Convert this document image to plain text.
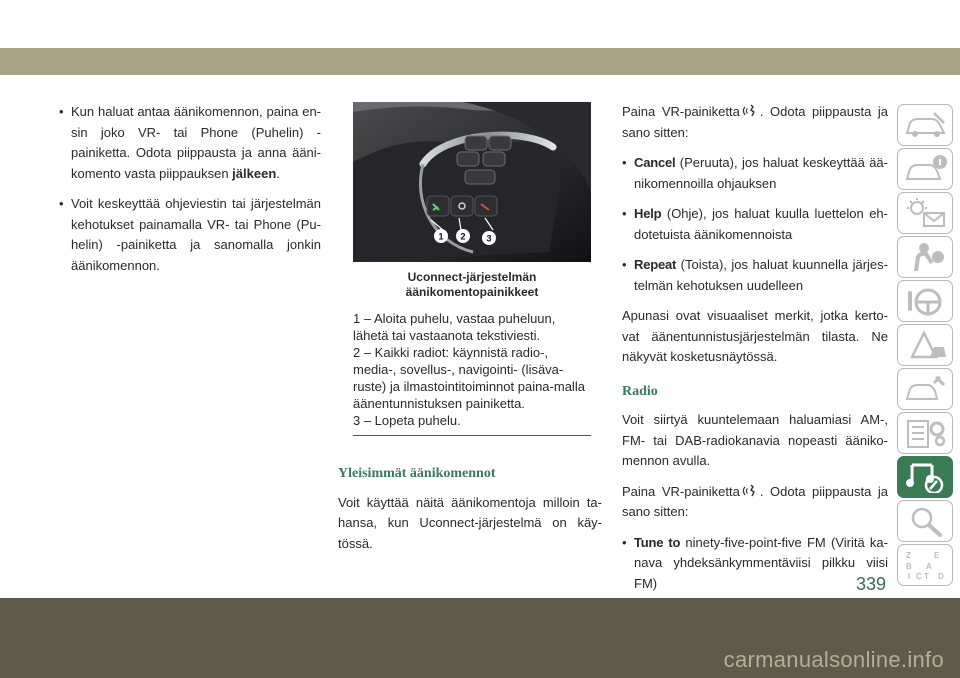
• Kun haluat antaa äänikomennon, paina en-sin joko VR- tai Phone (Puhelin) -painiketta. Odota piippausta ja anna ääni-komento vasta piippauksen jälkeen.
• Voit keskeyttää ohjeviestin tai järjestelmän kehotukset painamalla VR- tai Phone (Pu-helin) -painiketta ja sanomalla jonkin äänikomennon.
1 2 3
Uconnect-järjestelmän äänikomentopainikkeet
1 – Aloita puhelu, vastaa puheluun, lähetä tai vastaanota tekstiviesti.
2 – Kaikki radiot: käynnistä radio-, media-, sovellus-, navigointi- (lisäva-ruste) ja ilmastointitoiminnot paina-malla äänentunnistuksen painiketta.
3 – Lopeta puhelu.
Yleisimmät äänikomennot

Voit käyttää näitä äänikomentoja milloin ta-hansa, kun Uconnect-järjestelmä on käy-tössä.

Paina VR-painiketta . Odota piippausta ja sano sitten:

• Cancel (Peruuta), jos haluat keskeyttää ää-nikomennoilla ohjauksen
• Help (Ohje), jos haluat kuulla luettelon eh-dotetuista äänikomennoista
• Repeat (Toista), jos haluat kuunnella järjes-telmän kehotuksen uudelleen

Apunasi ovat visuaaliset merkit, jotka kerto-vat äänentunnistusjärjestelmän tilasta. Ne näkyvät kosketusnäytössä.

Radio

Voit siirtyä kuuntelemaan haluamiasi AM-, FM- tai DAB-radiokanavia nopeasti ääniko-mennon avulla.

Paina VR-painiketta . Odota piippausta ja sano sitten:

• Tune to ninety-five-point-five FM (Viritä ka-nava yhdeksänkymmentäviisi pilkku viisi FM)
Z	E
B A
I C T D
339
carmanualsonline.info
